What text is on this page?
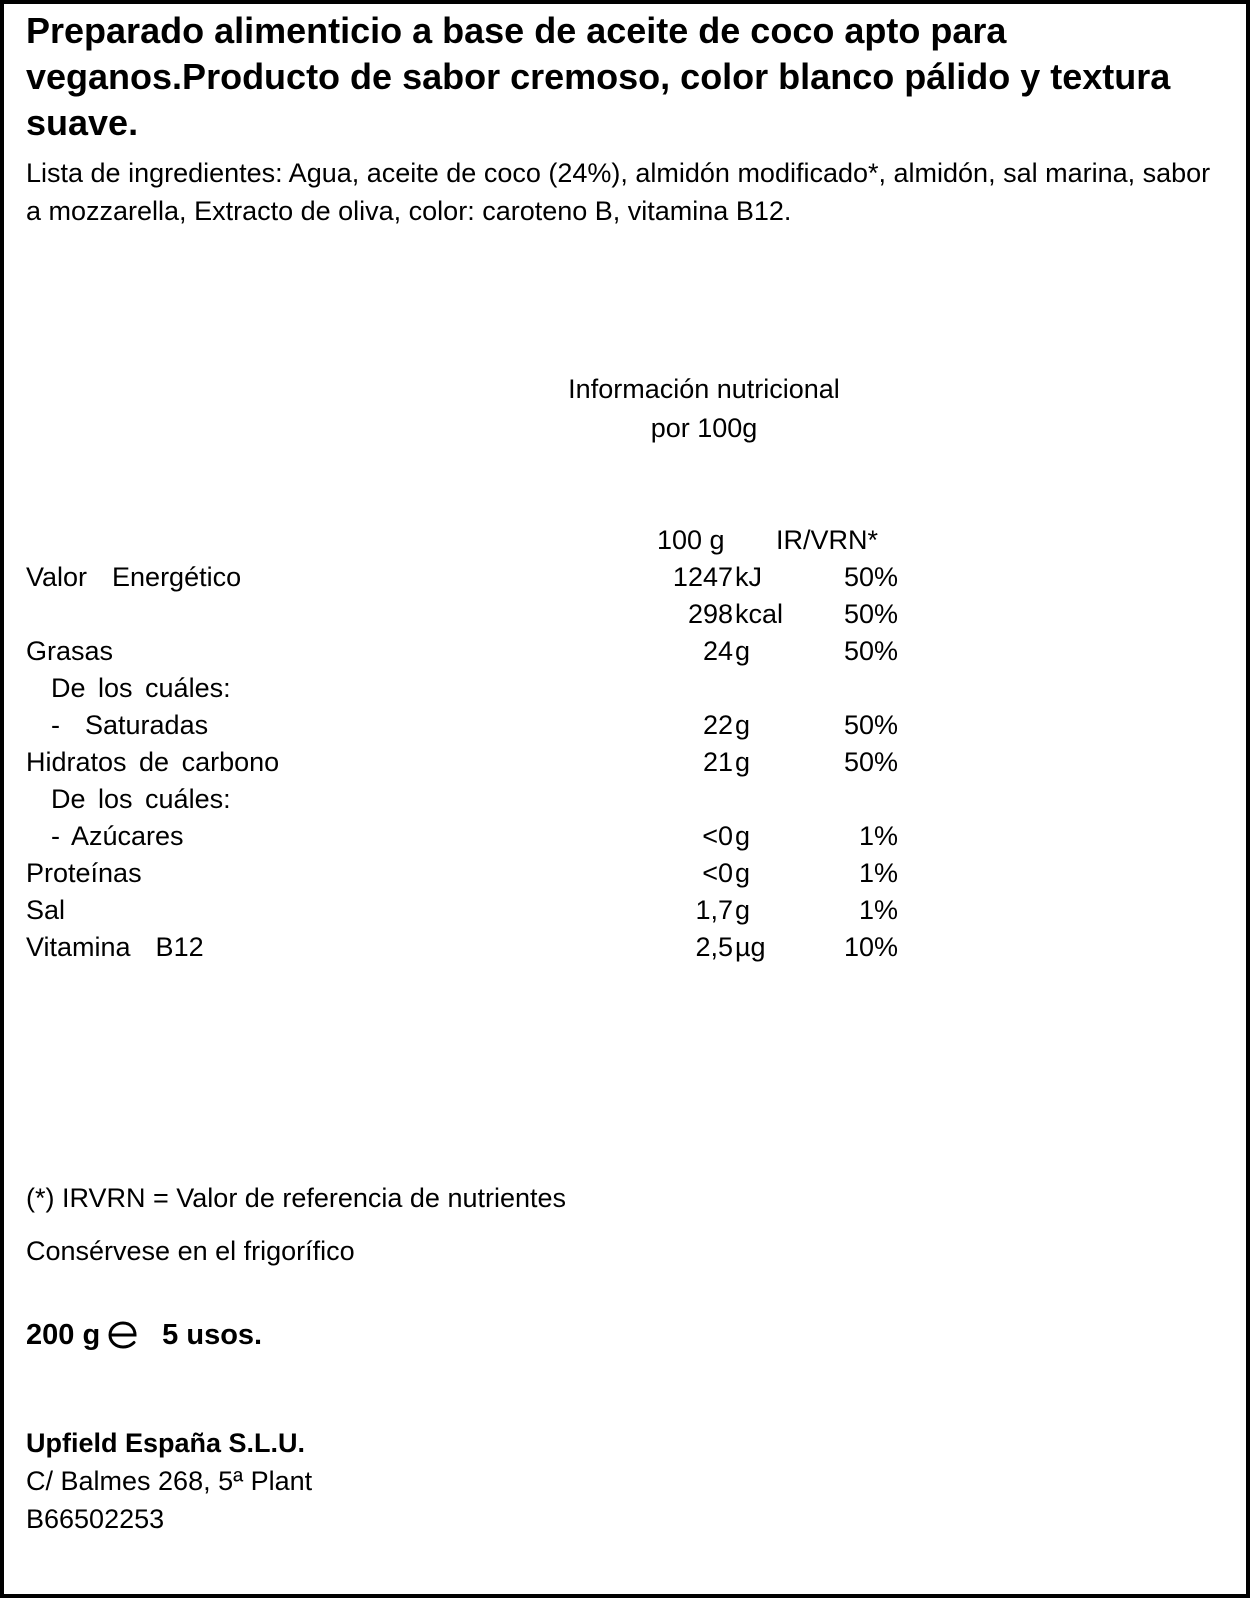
Preparado alimenticio a base de aceite de coco apto para veganos.Producto de sabor cremoso, color blanco pálido y textura suave.

Lista de ingredientes: Agua, aceite de coco (24%), almidón modificado*, almidón, sal marina, sabor a mozzarella, Extracto de oliva, color: caroteno B, vitamina B12.

Información nutricional
por 100g
100 g IR/VRN*
Valor  Energético	1247 kJ	50%
298 kcal 50%
Grasas	24 g	50%
De los cuáles:
-  Saturadas	22 g	50%
Hidratos de carbono	21 g	50%
De los cuáles:
- Azúcares	<0 g	1%
Proteínas	<0 g	1%
Sal	1,7 g	1%
Vitamina  B12	2,5 µg	10%
(*) IRVRN = Valor de referencia de nutrientes
Consérvese en el frigorífico
200 g 5 usos.
Upfield España S.L.U.
C/ Balmes 268, 5ª Plant
B66502253
